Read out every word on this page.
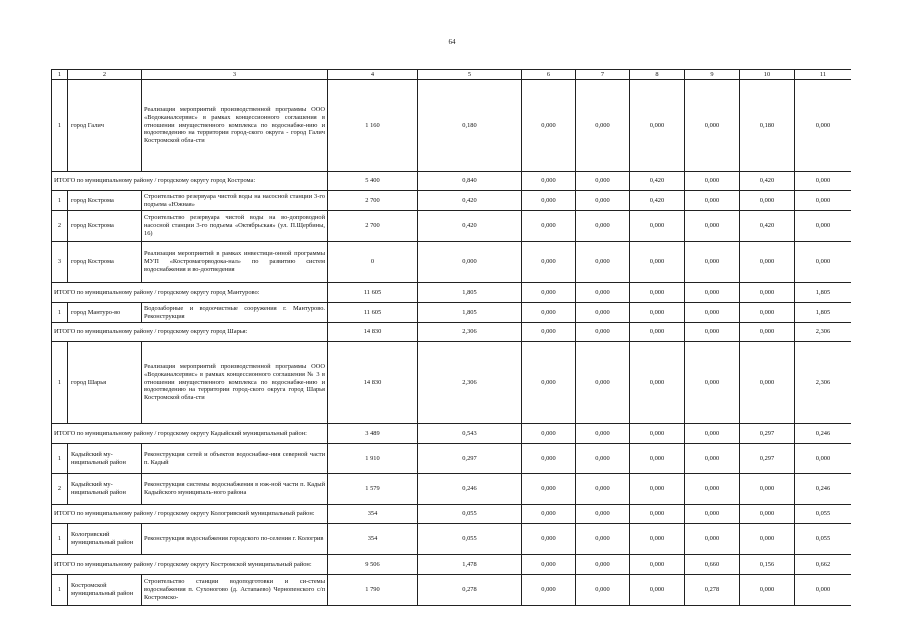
64
1	2	3	4	5	6	7	8	9	10	11
1	город Галич	Реализация мероприятий производственной программы ООО «Водоканалсервис» в рамках концессионного соглашения в отношении имущественного комплекса по водоснабже-нию и водоотведению на территории город-ского округа - город Галич Костромской обла-сти	1 160	0,180	0,000	0,000	0,000	0,000	0,180	0,000
ИТОГО по муниципальному району / городскому округу город Кострома:			5 400	0,840	0,000	0,000	0,420	0,000	0,420	0,000
1	город Кострома	Строительство резервуара чистой воды на насосной станции 3-го подъема «Южная»	2 700	0,420	0,000	0,000	0,420	0,000	0,000	0,000
2	город Кострома	Строительство резервуара чистой воды на во-допроводной насосной станции 3-го подъема «Октябрьская» (ул. П.Щербины, 16)	2 700	0,420	0,000	0,000	0,000	0,000	0,420	0,000
3	город Кострома	Реализация мероприятий в рамках инвестици-онной программы МУП «Костромагорводока-нал» по развитию систем водоснабжения и во-доотведения	0	0,000	0,000	0,000	0,000	0,000	0,000	0,000
ИТОГО по муниципальному району / городскому округу город Мантурово:			11 605	1,805	0,000	0,000	0,000	0,000	0,000	1,805
1	город Мантуро-во	Водозаборные и водоочистные сооружения г. Мантурово. Реконструкция	11 605	1,805	0,000	0,000	0,000	0,000	0,000	1,805
ИТОГО по муниципальному району / городскому округу город Шарья:			14 830	2,306	0,000	0,000	0,000	0,000	0,000	2,306
1	город Шарья	Реализация мероприятий производственной программы ООО «Водоканалсервис» в рамках концессионного соглашения № 3 в отношении имущественного комплекса по водоснабже-нию и водоотведению на территории город-ского округа город Шарья Костромской обла-сти	14 830	2,306	0,000	0,000	0,000	0,000	0,000	2,306
ИТОГО по муниципальному району / городскому округу Кадыйский муниципальный район:			3 489	0,543	0,000	0,000	0,000	0,000	0,297	0,246
1	Кадыйский му-ниципальный район	Реконструкция сетей и объектов водоснабже-ния северной части п. Кадый	1 910	0,297	0,000	0,000	0,000	0,000	0,297	0,000
2	Кадыйский му-ниципальный район	Реконструкция системы водоснабжения в юж-ной части п. Кадый Кадыйского муниципаль-ного района	1 579	0,246	0,000	0,000	0,000	0,000	0,000	0,246
ИТОГО по муниципальному району / городскому округу Кологривский муниципальный район:			354	0,055	0,000	0,000	0,000	0,000	0,000	0,055
1	Кологривский муниципальный район	Реконструкция водоснабжения городского по-селения г. Кологрив	354	0,055	0,000	0,000	0,000	0,000	0,000	0,055
ИТОГО по муниципальному району / городскому округу Костромской муниципальный район:			9 506	1,478	0,000	0,000	0,000	0,660	0,156	0,662
1	Костромской муниципальный район	Строительство станции водоподготовки и си-стемы водоснабжения п. Сухоногово (д. Астапаево) Чернопенского с/п Костромско-	1 790	0,278	0,000	0,000	0,000	0,278	0,000	0,000
